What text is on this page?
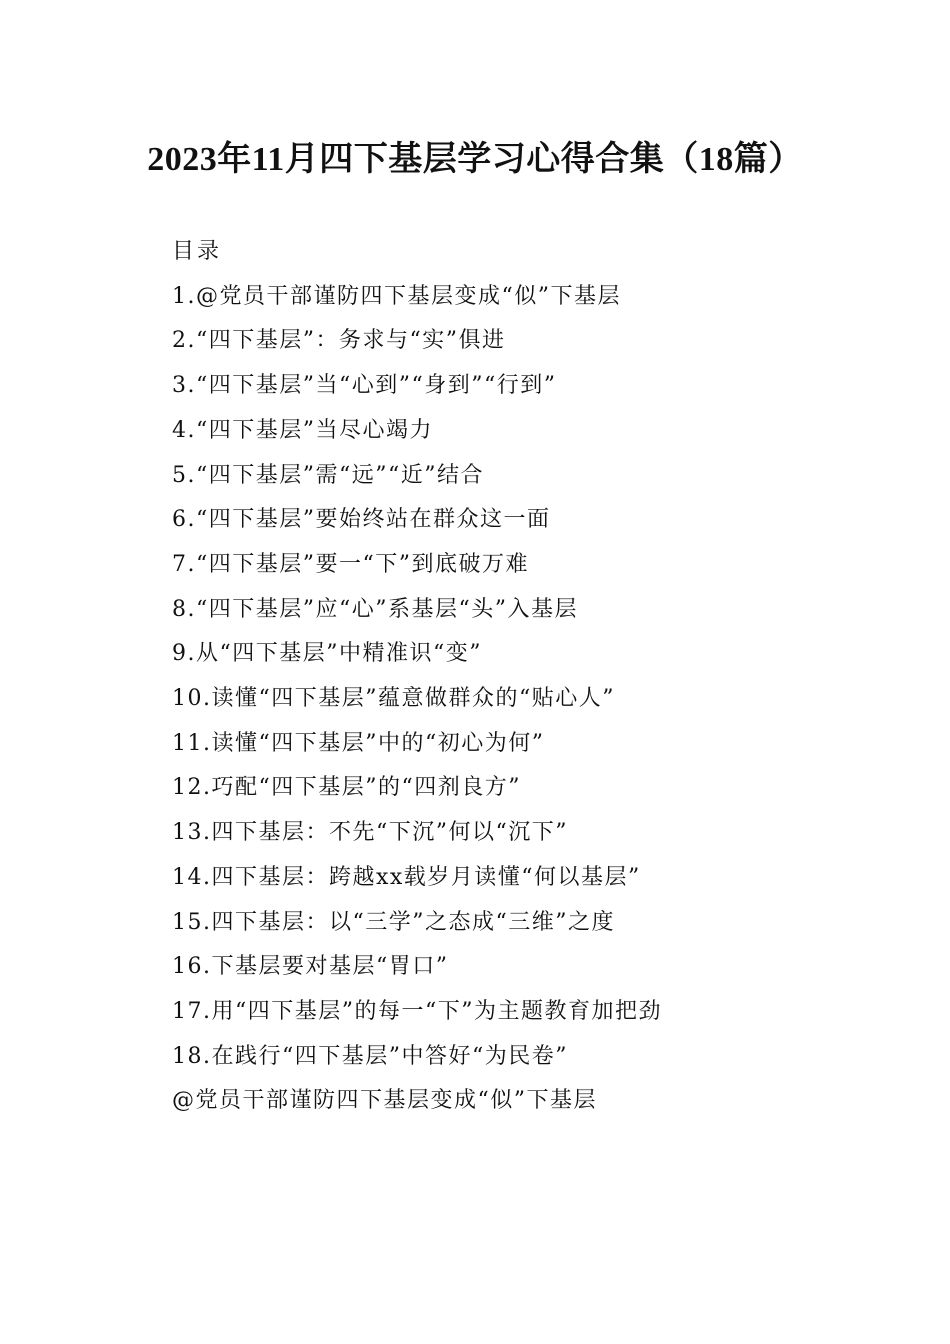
2023年11月四下基层学习心得合集（18篇）
目录
1.@党员干部谨防四下基层变成“似”下基层
2.“四下基层”：务求与“实”俱进
3.“四下基层”当“心到”“身到”“行到”
4.“四下基层”当尽心竭力
5.“四下基层”需“远”“近”结合
6.“四下基层”要始终站在群众这一面
7.“四下基层”要一“下”到底破万难
8.“四下基层”应“心”系基层“头”入基层
9.从“四下基层”中精准识“变”
10.读懂“四下基层”蕴意做群众的“贴心人”
11.读懂“四下基层”中的“初心为何”
12.巧配“四下基层”的“四剂良方”
13.四下基层：不先“下沉”何以“沉下”
14.四下基层：跨越xx载岁月读懂“何以基层”
15.四下基层：以“三学”之态成“三维”之度
16.下基层要对基层“胃口”
17.用“四下基层”的每一“下”为主题教育加把劲
18.在践行“四下基层”中答好“为民卷”
@党员干部谨防四下基层变成“似”下基层
